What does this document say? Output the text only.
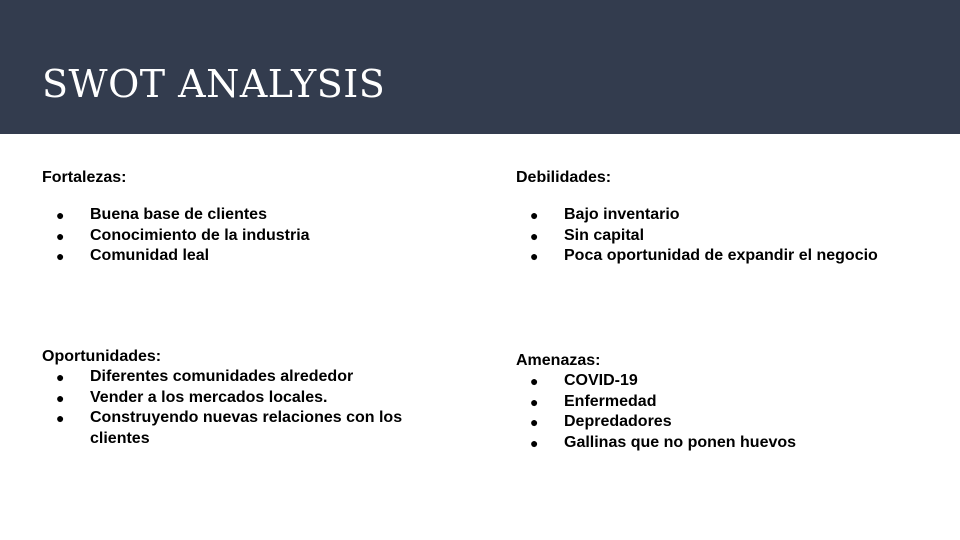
SWOT ANALYSIS
Fortalezas:
● Buena base de clientes
● Conocimiento de la industria
● Comunidad leal
Debilidades:
● Bajo inventario
● Sin capital
● Poca oportunidad de expandir el negocio
Oportunidades:
● Diferentes comunidades alrededor
● Vender a los mercados locales.
● Construyendo nuevas relaciones con los clientes
Amenazas:
● COVID-19
● Enfermedad
● Depredadores
● Gallinas que no ponen huevos
